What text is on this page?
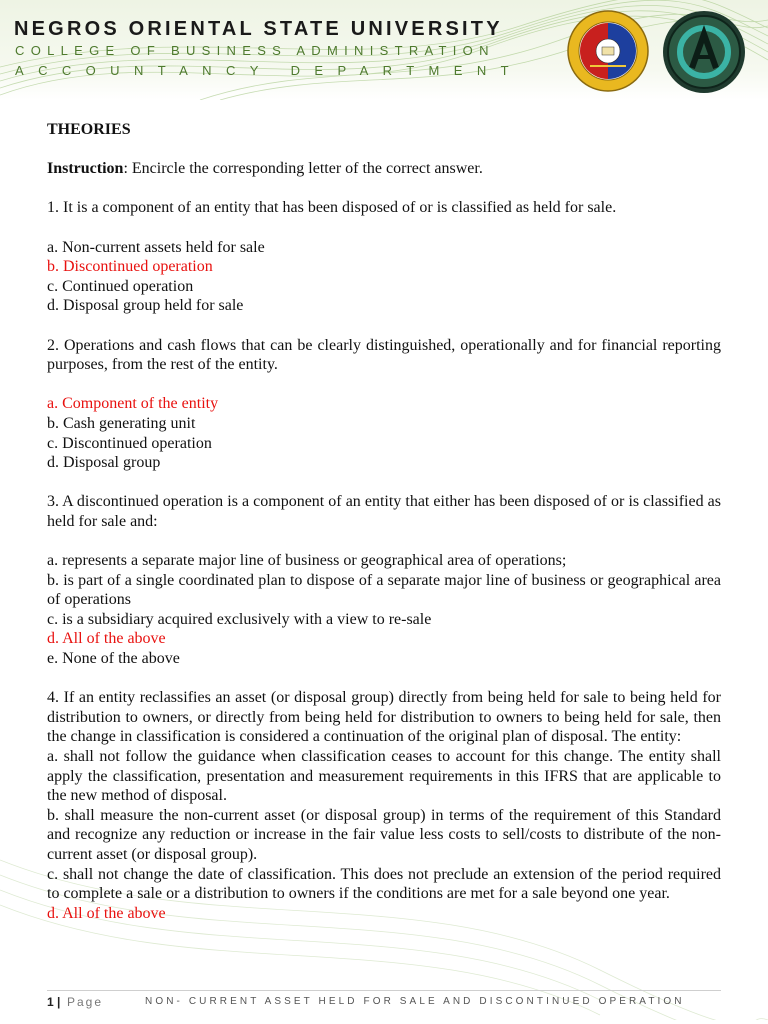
NEGROS ORIENTAL STATE UNIVERSITY
COLLEGE OF BUSINESS ADMINISTRATION
ACCOUNTANCY DEPARTMENT

THEORIES

Instruction: Encircle the corresponding letter of the correct answer.

1. It is a component of an entity that has been disposed of or is classified as held for sale.

a. Non-current assets held for sale

b. Discontinued operation

c. Continued operation

d. Disposal group held for sale

2. Operations and cash flows that can be clearly distinguished, operationally and for financial reporting purposes, from the rest of the entity.

a. Component of the entity

b. Cash generating unit

c. Discontinued operation

d. Disposal group

3. A discontinued operation is a component of an entity that either has been disposed of or is classified as held for sale and:

a. represents a separate major line of business or geographical area of operations;

b. is part of a single coordinated plan to dispose of a separate major line of business or geographical area of operations

c. is a subsidiary acquired exclusively with a view to re-sale

d. All of the above

e. None of the above

4. If an entity reclassifies an asset (or disposal group) directly from being held for sale to being held for distribution to owners, or directly from being held for distribution to owners to being held for sale, then the change in classification is considered a continuation of the original plan of disposal. The entity:

a. shall not follow the guidance when classification ceases to account for this change. The entity shall apply the classification, presentation and measurement requirements in this IFRS that are applicable to the new method of disposal.

b. shall measure the non-current asset (or disposal group) in terms of the requirement of this Standard and recognize any reduction or increase in the fair value less costs to sell/costs to distribute of the non-current asset (or disposal group).

c. shall not change the date of classification. This does not preclude an extension of the period required to complete a sale or a distribution to owners if the conditions are met for a sale beyond one year.

d. All of the above

1 | Page	NON- CURRENT ASSET HELD FOR SALE AND DISCONTINUED OPERATION
